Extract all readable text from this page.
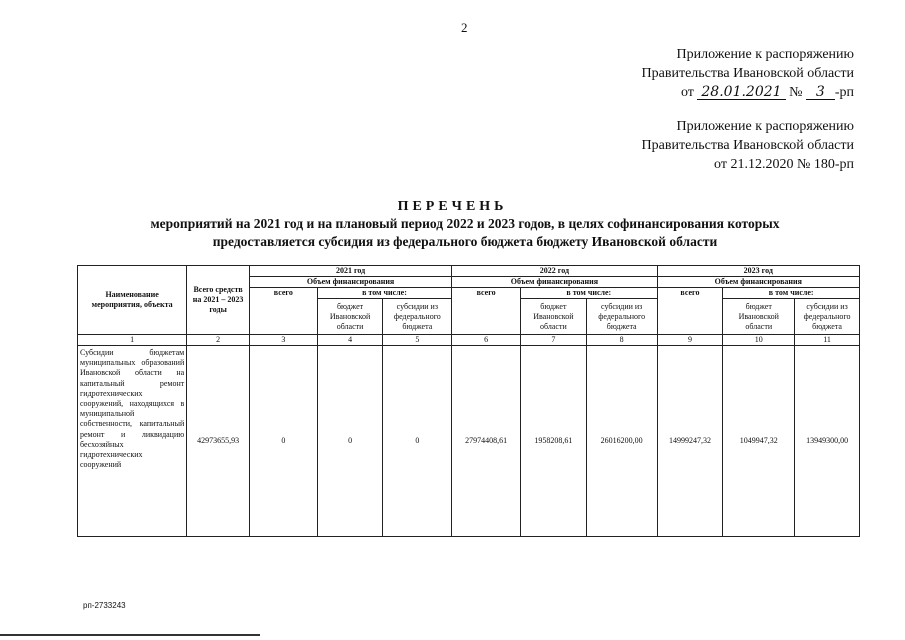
2
Приложение к распоряжению
Правительства Ивановской области
от 28.01.2021 № 3 -рп
Приложение к распоряжению
Правительства Ивановской области
от 21.12.2020 № 180-рп
ПЕРЕЧЕНЬ
мероприятий на 2021 год и на плановый период 2022 и 2023 годов, в целях софинансирования которых предоставляется субсидия из федерального бюджета бюджету Ивановской области
Наименование мероприятия, объекта	Всего средств на 2021 – 2023 годы	2021 год			2022 год			2023 год		
		Объем финансирования			Объем финансирования			Объем финансирования		
		всего	в том числе:		всего	в том числе:		всего	в том числе:	
			бюджет Ивановской области	субсидии из федерального бюджета		бюджет Ивановской области	субсидии из федерального бюджета		бюджет Ивановской области	субсидии из федерального бюджета
1	2	3	4	5	6	7	8	9	10	11
Субсидии бюджетам муниципальных образований Ивановской области на капитальный ремонт гидротехнических сооружений, находящихся в муниципальной собственности, капитальный ремонт и ликвидацию бесхозяйных гидротехнических сооружений	42973655,93	0	0	0	27974408,61	1958208,61	26016200,00	14999247,32	1049947,32	13949300,00
рп-2733243
